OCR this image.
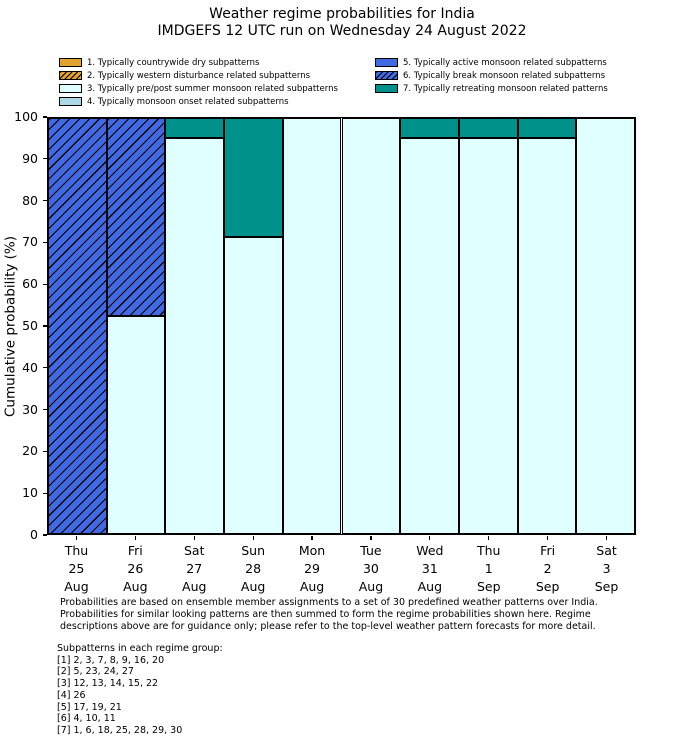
Weather regime probabilities for India
IMDGEFS 12 UTC run on Wednesday 24 August 2022
1. Typically countrywide dry subpatterns
2. Typically western disturbance related subpatterns
3. Typically pre/post summer monsoon related subpatterns
4. Typically monsoon onset related subpatterns
5. Typically active monsoon related subpatterns
6. Typically break monsoon related subpatterns
7. Typically retreating monsoon related patterns
Cumulative probability (%)
0
10
20
30
40
50
60
70
80
90
100
Thu
25
Aug
Fri
26
Aug
Sat
27
Aug
Sun
28
Aug
Mon
29
Aug
Tue
30
Aug
Wed
31
Aug
Thu
1
Sep
Fri
2
Sep
Sat
3
Sep
Probabilities are based on ensemble member assignments to a set of 30 predefined weather patterns over India.
Probabilities for similar looking patterns are then summed to form the regime probabilities shown here. Regime
descriptions above are for guidance only; please refer to the top-level weather pattern forecasts for more detail.
Subpatterns in each regime group:
[1] 2, 3, 7, 8, 9, 16, 20
[2] 5, 23, 24, 27
[3] 12, 13, 14, 15, 22
[4] 26
[5] 17, 19, 21
[6] 4, 10, 11
[7] 1, 6, 18, 25, 28, 29, 30
